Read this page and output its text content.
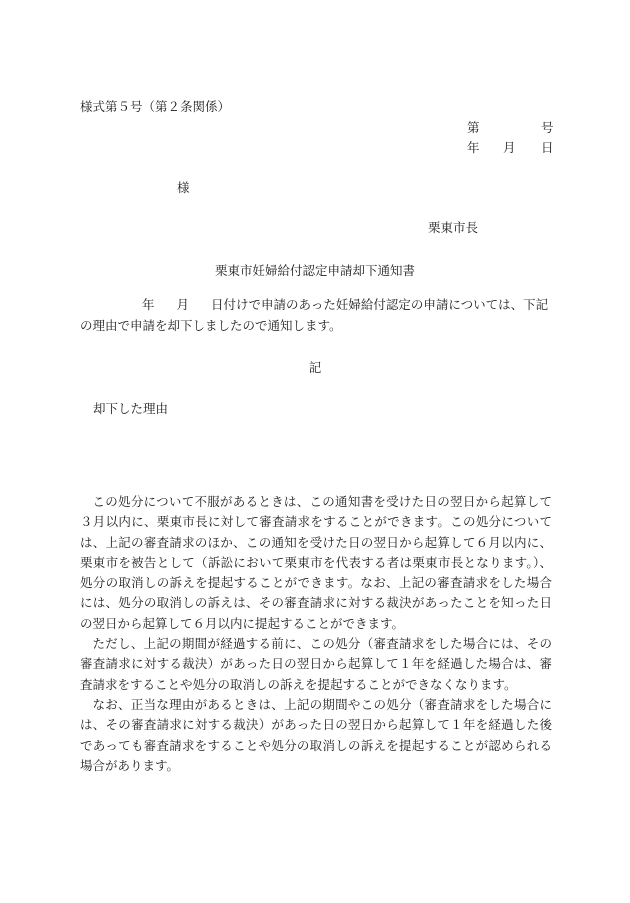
様式第５号（第２条関係）
第	号
年 月 日
様
栗東市長
栗東市妊婦給付認定申請却下通知書
年 月 日付けで申請のあった妊婦給付認定の申請については、下記の理由で申請を却下しましたので通知します。
記
却下した理由

この処分について不服があるときは、この通知書を受けた日の翌日から起算して３月以内に、栗東市長に対して審査請求をすることができます。この処分については、上記の審査請求のほか、この通知を受けた日の翌日から起算して６月以内に、栗東市を被告として（訴訟において栗東市を代表する者は栗東市長となります。）、処分の取消しの訴えを提起することができます。なお、上記の審査請求をした場合には、処分の取消しの訴えは、その審査請求に対する裁決があったことを知った日の翌日から起算して６月以内に提起することができます。

ただし、上記の期間が経過する前に、この処分（審査請求をした場合には、その審査請求に対する裁決）があった日の翌日から起算して１年を経過した場合は、審査請求をすることや処分の取消しの訴えを提起することができなくなります。

なお、正当な理由があるときは、上記の期間やこの処分（審査請求をした場合には、その審査請求に対する裁決）があった日の翌日から起算して１年を経過した後であっても審査請求をすることや処分の取消しの訴えを提起することが認められる場合があります。
